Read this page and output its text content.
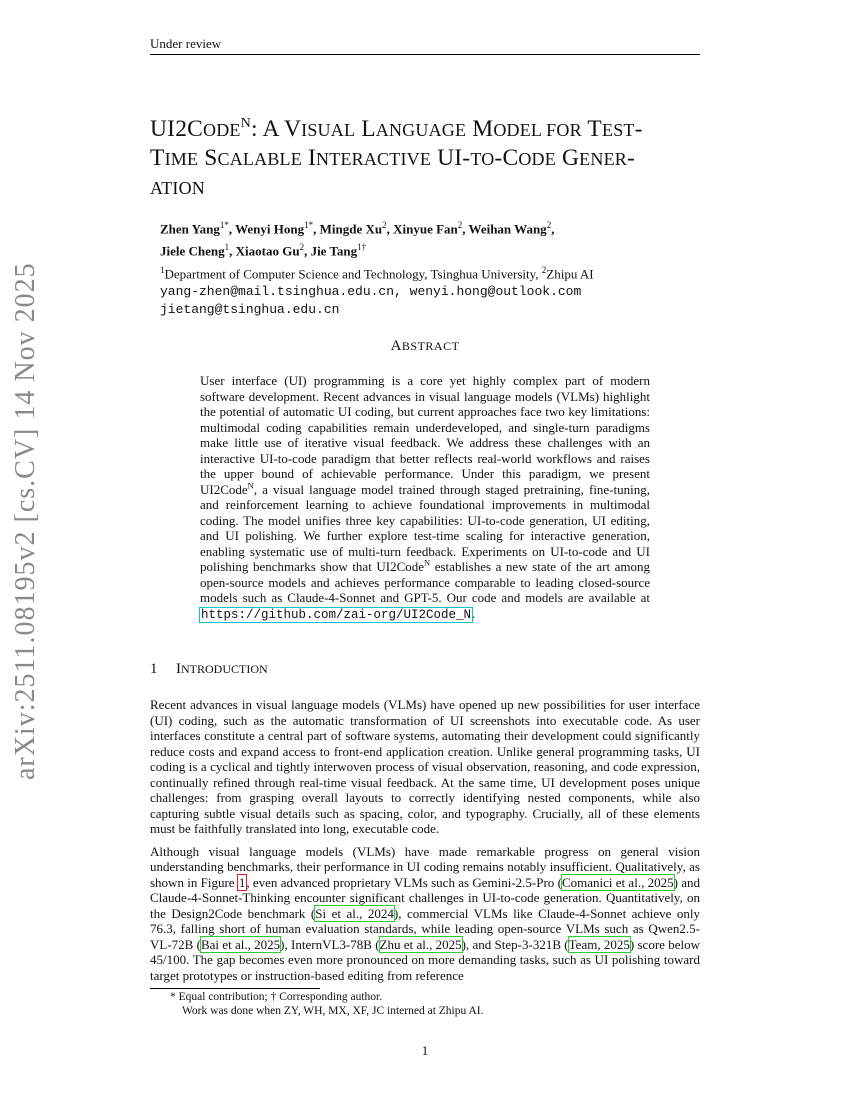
Under review
$UI2CODE^N$: A VISUAL LANGUAGE MODEL FOR TEST-
TIME SCALABLE INTERACTIVE UI-TO-CODE GENER-
ATION
Zhen Yang$^{1*}$, Wenyi Hong$^{1*}$, Mingde Xu$^2$, Xinyue Fan$^2$, Weihan Wang$^2$,
Jiele Cheng$^1$, Xiaotao Gu$^2$, Jie Tang$^{1\dagger}$
$^1$Department of Computer Science and Technology, Tsinghua University, $^2$Zhipu AI
yang-zhen@mail.tsinghua.edu.cn, wenyi.hong@outlook.com
jietang@tsinghua.edu.cn
arXiv:2511.08195v2 [cs.CV] 14 Nov 2025	ABSTRACT
User interface (UI) programming is a core yet highly complex part of modern software development. Recent advances in visual language models (VLMs) highlight the potential of automatic UI coding, but current approaches face two key limitations: multimodal coding capabilities remain underdeveloped, and single-turn paradigms make little use of iterative visual feedback. We address these challenges with an interactive UI-to-code paradigm that better reflects real-world workflows and raises the upper bound of achievable performance. Under this paradigm, we present UI2Code$^N$, a visual language model trained through staged pretraining, fine-tuning, and reinforcement learning to achieve foundational improvements in multimodal coding. The model unifies three key capabilities: UI-to-code generation, UI editing, and UI polishing. We further explore test-time scaling for interactive generation, enabling systematic use of multi-turn feedback. Experiments on UI-to-code and UI polishing benchmarks show that UI2Code$^N$ establishes a new state of the art among open-source models and achieves performance comparable to leading closed-source models such as Claude-4-Sonnet and GPT-5. Our code and models are available at https://github.com/zai-org/UI2Code_N.
1 INTRODUCTION

Recent advances in visual language models (VLMs) have opened up new possibilities for user interface (UI) coding, such as the automatic transformation of UI screenshots into executable code. As user interfaces constitute a central part of software systems, automating their development could significantly reduce costs and expand access to front-end application creation. Unlike general programming tasks, UI coding is a cyclical and tightly interwoven process of visual observation, reasoning, and code expression, continually refined through real-time visual feedback. At the same time, UI development poses unique challenges: from grasping overall layouts to correctly identifying nested components, while also capturing subtle visual details such as spacing, color, and typography. Crucially, all of these elements must be faithfully translated into long, executable code.

Although visual language models (VLMs) have made remarkable progress on general vision understanding benchmarks, their performance in UI coding remains notably insufficient. Qualitatively, as shown in Figure 1, even advanced proprietary VLMs such as Gemini-2.5-Pro (Comanici et al., 2025) and Claude-4-Sonnet-Thinking encounter significant challenges in UI-to-code generation. Quantitatively, on the Design2Code benchmark (Si et al., 2024), commercial VLMs like Claude-4-Sonnet achieve only 76.3, falling short of human evaluation standards, while leading open-source VLMs such as Qwen2.5-VL-72B (Bai et al., 2025), InternVL3-78B (Zhu et al., 2025), and Step-3-321B (Team, 2025) score below 45/100. The gap becomes even more pronounced on more demanding tasks, such as UI polishing toward target prototypes or instruction-based editing from reference

* Equal contribution; † Corresponding author.
Work was done when ZY, WH, MX, XF, JC interned at Zhipu AI.
1
